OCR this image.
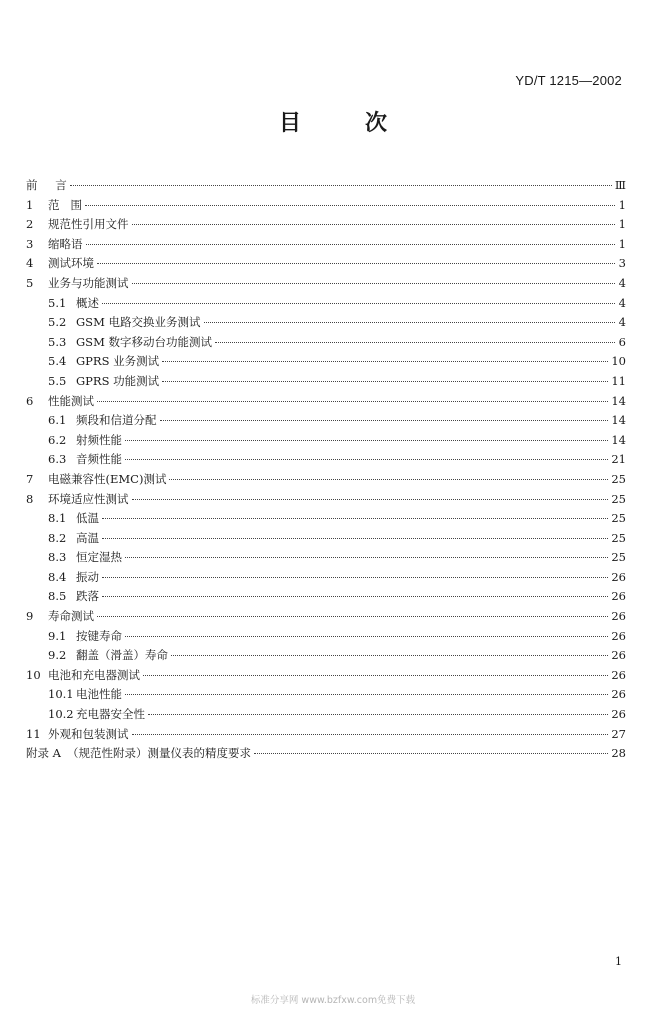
YD/T 1215—2002
目	次
前  言	Ⅲ
1 范   围	1
2 规范性引用文件	1
3 缩略语	1
4 测试环境	3
5 业务与功能测试	4
5.1 概述	4
5.2 GSM 电路交换业务测试	4
5.3 GSM 数字移动台功能测试	6
5.4 GPRS 业务测试	10
5.5 GPRS 功能测试	11
6 性能测试	14
6.1 频段和信道分配	14
6.2 射频性能	14
6.3 音频性能	21
7 电磁兼容性(EMC)测试	25
8 环境适应性测试	25
8.1 低温	25
8.2 高温	25
8.3 恒定湿热	25
8.4 振动	26
8.5 跌落	26
9 寿命测试	26
9.1 按键寿命	26
9.2 翻盖（滑盖）寿命	26
10 电池和充电器测试	26
10.1 电池性能	26
10.2 充电器安全性	26
11 外观和包装测试	27
附录 A （规范性附录）测量仪表的精度要求	28
1
标准分享网 www.bzfxw.com免费下载
